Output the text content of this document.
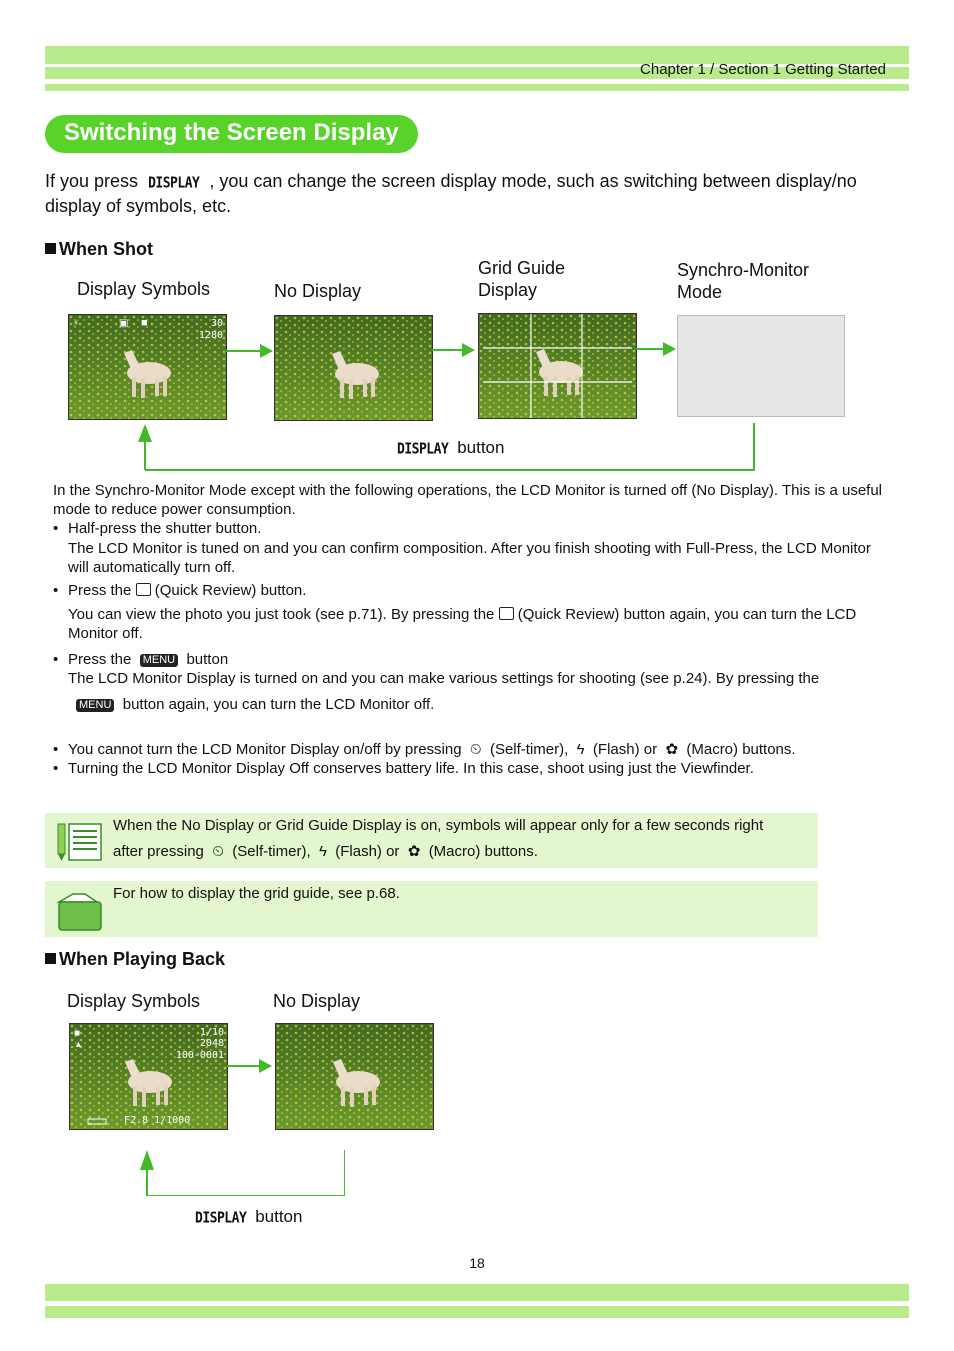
Chapter 1 / Section 1 Getting Started
Switching the Screen Display
If you press DISPLAY , you can change the screen display mode, such as switching between display/no display of symbols, etc.
When Shot
Display Symbols	No Display
Grid Guide Display
Synchro-Monitor Mode
⚡	▣ ■	30
1280
DISPLAY button
In the Synchro-Monitor Mode except with the following operations, the LCD Monitor is turned off (No Display). This is a useful mode to reduce power consumption.
• Half-press the shutter button.
The LCD Monitor is tuned on and you can confirm composition. After you finish shooting with Full-Press, the LCD Monitor will automatically turn off.
• Press the (Quick Review) button.
You can view the photo you just took (see p.71). By pressing the (Quick Review) button again, you can turn the LCD Monitor off.
• Press the MENU button
The LCD Monitor Display is turned on and you can make various settings for shooting (see p.24). By pressing the
MENU button again, you can turn the LCD Monitor off.
• You cannot turn the LCD Monitor Display on/off by pressing  ⏲  (Self-timer),  ϟ  (Flash) or  ✿  (Macro) buttons.
• Turning the LCD Monitor Display Off conserves battery life. In this case, shoot using just the Viewfinder.
When the No Display or Grid Guide Display is on, symbols will appear only for a few seconds right
after pressing  ⏲  (Self-timer),  ϟ  (Flash) or  ✿  (Macro) buttons.
For how to display the grid guide, see p.68.
When Playing Back
Display Symbols	No Display
■
▲
1/10
2048
100-0001
F2.8 1/1000
DISPLAY button
18
